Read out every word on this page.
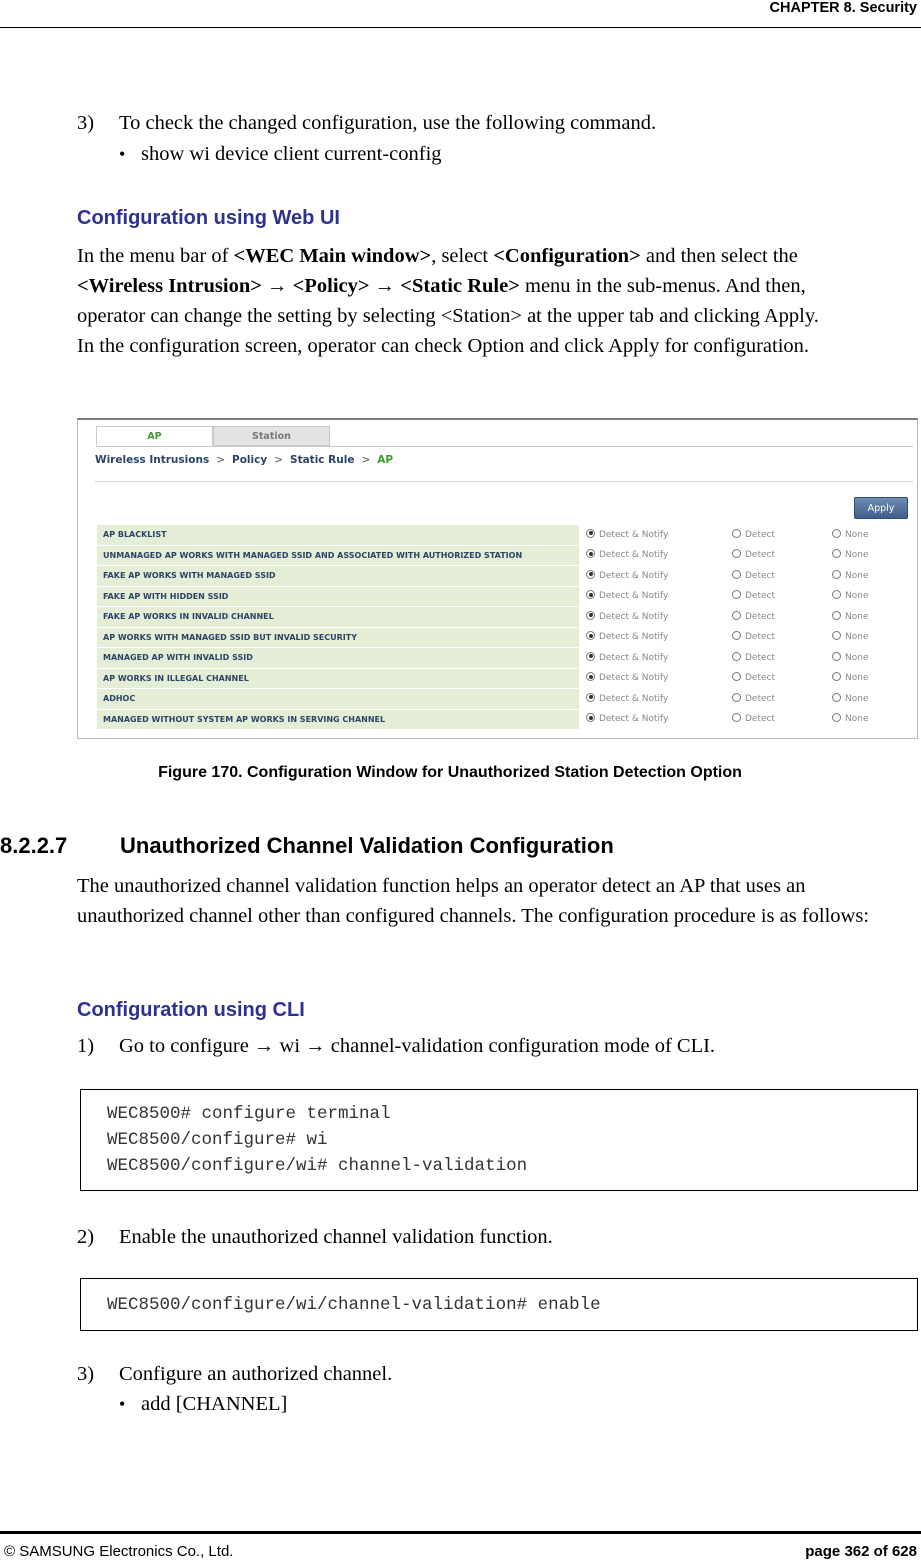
CHAPTER 8. Security
3) To check the changed configuration, use the following command.
• show wi device client current-config
Configuration using Web UI
In the menu bar of <WEC Main window>, select <Configuration> and then select the
<Wireless Intrusion> → <Policy> → <Static Rule> menu in the sub-menus. And then,
operator can change the setting by selecting <Station> at the upper tab and clicking Apply.
In the configuration screen, operator can check Option and click Apply for configuration.
AP	Station
Wireless Intrusions > Policy > Static Rule > AP
Apply
AP BLACKLIST	Detect & Notify	Detect	None
UNMANAGED AP WORKS WITH MANAGED SSID AND ASSOCIATED WITH AUTHORIZED STATION	Detect & Notify	Detect	None
FAKE AP WORKS WITH MANAGED SSID	Detect & Notify	Detect	None
FAKE AP WITH HIDDEN SSID	Detect & Notify	Detect	None
FAKE AP WORKS IN INVALID CHANNEL	Detect & Notify	Detect	None
AP WORKS WITH MANAGED SSID BUT INVALID SECURITY	Detect & Notify	Detect	None
MANAGED AP WITH INVALID SSID	Detect & Notify	Detect	None
AP WORKS IN ILLEGAL CHANNEL	Detect & Notify	Detect	None
ADHOC	Detect & Notify	Detect	None
MANAGED WITHOUT SYSTEM AP WORKS IN SERVING CHANNEL	Detect & Notify	Detect	None
Figure 170. Configuration Window for Unauthorized Station Detection Option
8.2.2.7 Unauthorized Channel Validation Configuration
The unauthorized channel validation function helps an operator detect an AP that uses an unauthorized channel other than configured channels. The configuration procedure is as follows:
Configuration using CLI
1) Go to configure → wi → channel-validation configuration mode of CLI.
WEC8500# configure terminal
WEC8500/configure# wi
WEC8500/configure/wi# channel-validation
2) Enable the unauthorized channel validation function.
WEC8500/configure/wi/channel-validation# enable
3) Configure an authorized channel.
• add [CHANNEL]
© SAMSUNG Electronics Co., Ltd.	page 362 of 628
